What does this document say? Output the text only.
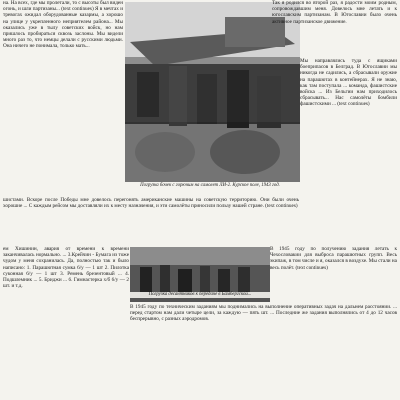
на. На всех, где мы пролетали, то с высоты был виден огонь, и шли партизаны... (text continues) Я в мечтах и тревогах ожидал оборудованные казармы, а хорошо на улице у укрепленного неприятелем района... Мы оказались уже в тылу советских войск, но нам пришлось пробираться сквозь заслоны. Мы видели много раз то, что немцы делали с русскими людьми. Она ничего не понимала, только мать...

Погрузка бочек с горючим на самолет ЛИ-2. Курское поле, 1943 год.

Так я родился во второй раз, я радости моим родным, сопровождавшим меня. Довелось мне летать и к югославским партизанам. В Югославии было очень активное партизанское движение.

Мы направлялись туда с ящиками боеприпасов в Белград. В Югославии мы никогда не садились, а сбрасывали оружие на парашютах в контейнерах. Я не знаю, как там поступала ... команда, фашистские войска ... Из Бельгии нам приходилось сбрасывать... Нас самолёты бомбили фашистскими ... (text continues)

шистами. Вскоре после Победы мне довелось перегонять американские машины на советскую территорию. Они были очень хорошие ... С каждым рейсом мы доставляли их к месту назначения, и эти самолёты приносили пользу нашей стране. (text continues)

ем Хишинин, авария от времени к времени заканчивалась нормально. ... 3.Крейчин - Бумага из тоже чудом у меня сохранилась. Да, полностью так и было написано: 1. Парашютная сумка 6/у — 1 шт 2. Пилотка суконная 6/у — 1 шт 3. Ремень брезентовый ... 4. Подшлемник ... 5. Бриджи ... 6. Гимнастерка х/б 6/у — 2 шт. и т.д.

Погрузка десантников к передаче в Бамбергской...

В 1945 году по получению задания летать к Чехословакии для выброса парашютных групп. Весь экипаж, в том числе и я, оказался в воздухе. Мы стали на весь полёт. (text continues)

В 1945 году по техническим заданиям мы поднимались на выполнение оперативных задач на дальнем расстоянии. ... перед стартом нам дали четыре цели, за каждую — пять шт. ... Последние же задания выполнялись от 4 до 12 часов беспрерывно, с разных аэродромов.
